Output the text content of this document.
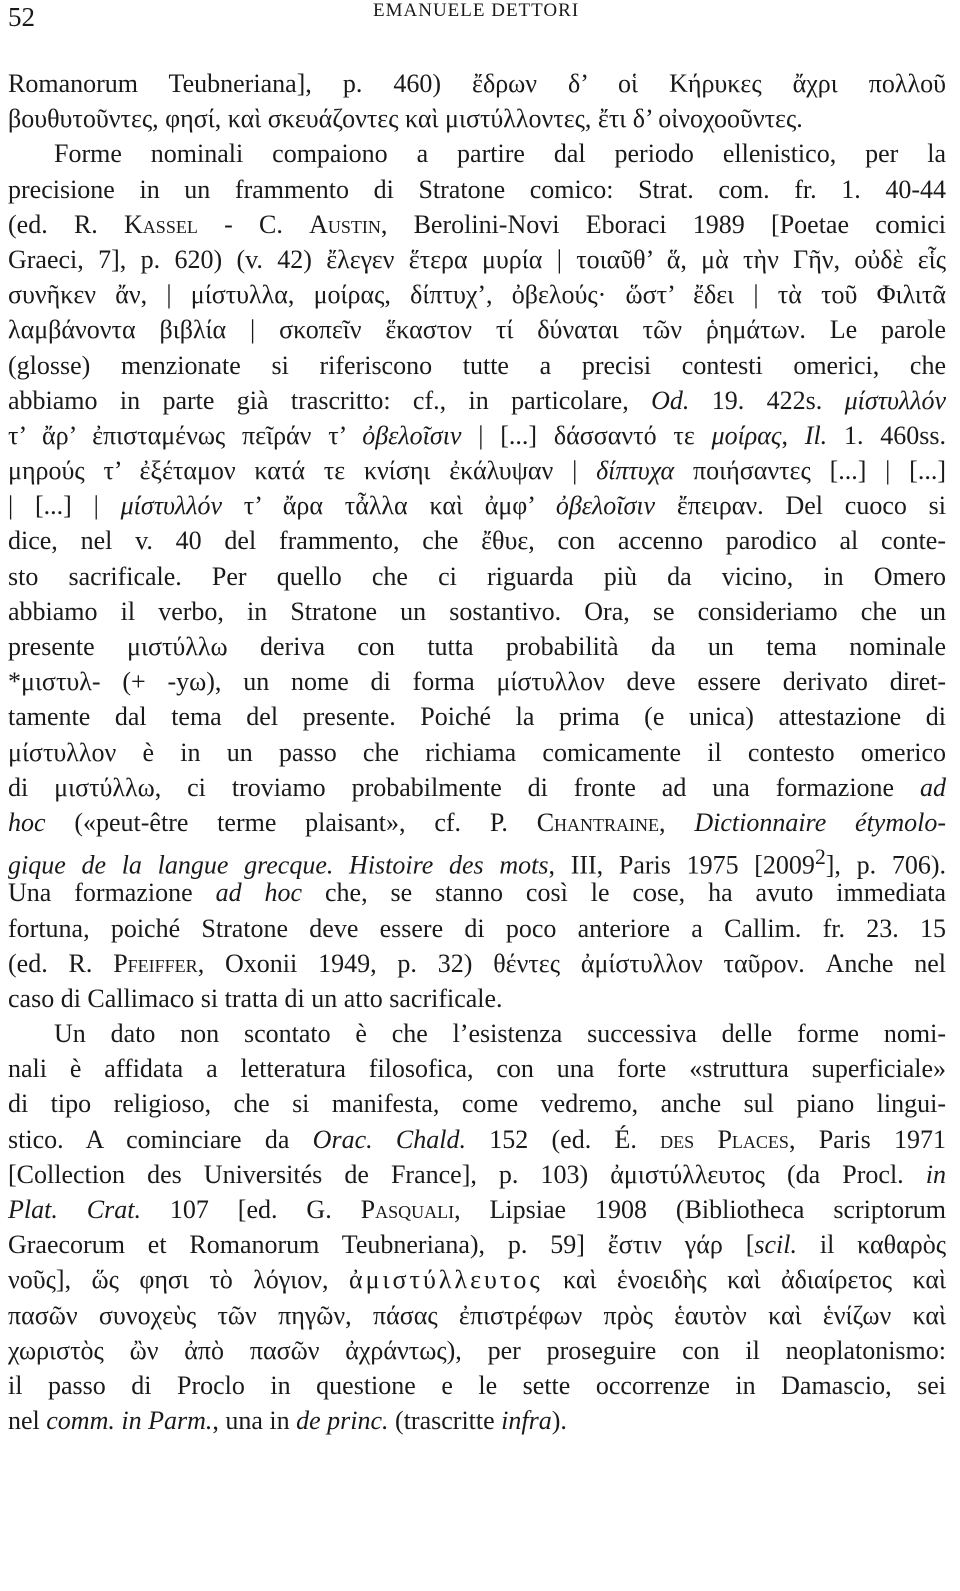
52	EMANUELE DETTORI
Romanorum Teubneriana], p. 460) ἔδρων δ’ οἱ Κήρυκες ἄχρι πολλοῦ
βουθυτοῦντες, φησί, καὶ σκευάζοντες καὶ μιστύλλοντες, ἔτι δ’ οἰνοχοοῦντες.
Forme nominali compaiono a partire dal periodo ellenistico, per la
precisione in un frammento di Stratone comico: Strat. com. fr. 1. 40-44
(ed. R. Kassel - C. Austin, Berolini-Novi Eboraci 1989 [Poetae comici
Graeci, 7], p. 620) (v. 42) ἔλεγεν ἕτερα μυρία | τοιαῦθ’ ἅ, μὰ τὴν Γῆν, οὐδὲ εἷς
συνῆκεν ἄν, | μίστυλλα, μοίρας, δίπτυχ’, ὀβελούς· ὥστ’ ἔδει | τὰ τοῦ Φιλιτᾶ
λαμβάνοντα βιβλία | σκοπεῖν ἕκαστον τί δύναται τῶν ῥημάτων. Le parole
(glosse) menzionate si riferiscono tutte a precisi contesti omerici, che
abbiamo in parte già trascritto: cf., in particolare, Od. 19. 422s. μίστυλλόν
τ’ ἄρ’ ἐπισταμένως πεῖράν τ’ ὀβελοῖσιν | [...] δάσσαντό τε μοίρας, Il. 1. 460ss.
μηρούς τ’ ἐξέταμον κατά τε κνίσηι ἐκάλυψαν | δίπτυχα ποιήσαντες [...] | [...]
| [...] | μίστυλλόν τ’ ἄρα τἆλλα καὶ ἀμφ’ ὀβελοῖσιν ἔπειραν. Del cuoco si
dice, nel v. 40 del frammento, che ἔθυε, con accenno parodico al conte-
sto sacrificale. Per quello che ci riguarda più da vicino, in Omero
abbiamo il verbo, in Stratone un sostantivo. Ora, se consideriamo che un
presente μιστύλλω deriva con tutta probabilità da un tema nominale
*μιστυλ- (+ -yω), un nome di forma μίστυλλον deve essere derivato diret-
tamente dal tema del presente. Poiché la prima (e unica) attestazione di
μίστυλλον è in un passo che richiama comicamente il contesto omerico
di μιστύλλω, ci troviamo probabilmente di fronte ad una formazione ad
hoc («peut-être terme plaisant», cf. P. Chantraine, Dictionnaire étymolo-
gique de la langue grecque. Histoire des mots, III, Paris 1975 [2009$^2$], p. 706).
Una formazione ad hoc che, se stanno così le cose, ha avuto immediata
fortuna, poiché Stratone deve essere di poco anteriore a Callim. fr. 23. 15
(ed. R. Pfeiffer, Oxonii 1949, p. 32) θέντες ἀμίστυλλον ταῦρον. Anche nel
caso di Callimaco si tratta di un atto sacrificale.
Un dato non scontato è che l’esistenza successiva delle forme nomi-
nali è affidata a letteratura filosofica, con una forte «struttura superficiale»
di tipo religioso, che si manifesta, come vedremo, anche sul piano lingui-
stico. A cominciare da Orac. Chald. 152 (ed. É. des Places, Paris 1971
[Collection des Universités de France], p. 103) ἀμιστύλλευτος (da Procl. in
Plat. Crat. 107 [ed. G. Pasquali, Lipsiae 1908 (Bibliotheca scriptorum
Graecorum et Romanorum Teubneriana), p. 59] ἔστιν γάρ [scil. il καθαρὸς
νοῦς], ὥς φησι τὸ λόγιον, ἀμιστύλλευτος καὶ ἑνοειδὴς καὶ ἀδιαίρετος καὶ
πασῶν συνοχεὺς τῶν πηγῶν, πάσας ἐπιστρέφων πρὸς ἑαυτὸν καὶ ἑνίζων καὶ
χωριστὸς ὢν ἀπὸ πασῶν ἀχράντως), per proseguire con il neoplatonismo:
il passo di Proclo in questione e le sette occorrenze in Damascio, sei
nel comm. in Parm., una in de princ. (trascritte infra).
